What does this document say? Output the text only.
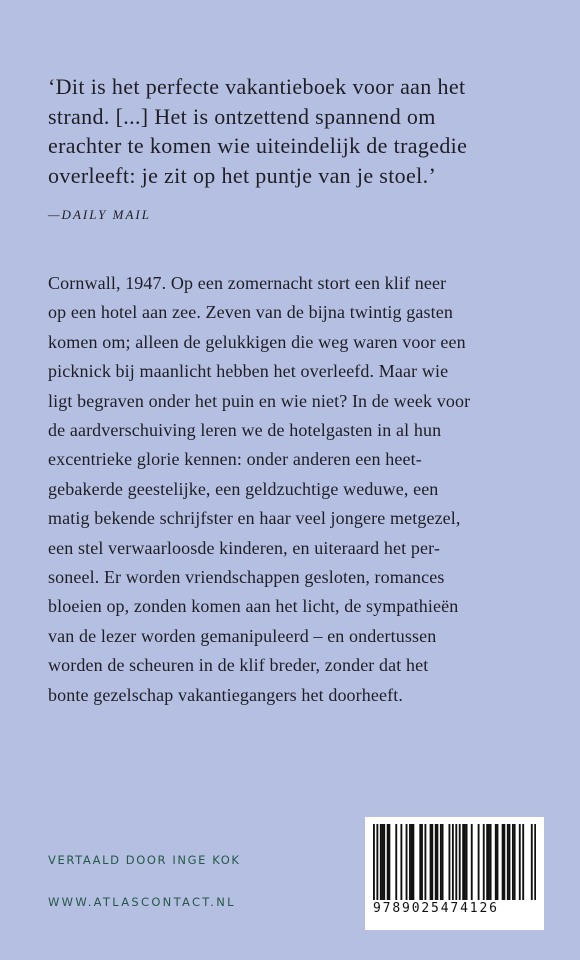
‘Dit is het perfecte vakantieboek voor aan het
strand. [...] Het is ontzettend spannend om
erachter te komen wie uiteindelijk de tragedie
overleeft: je zit op het puntje van je stoel.’
—DAILY MAIL
Cornwall, 1947. Op een zomernacht stort een klif neer
op een hotel aan zee. Zeven van de bijna twintig gasten
komen om; alleen de gelukkigen die weg waren voor een
picknick bij maanlicht hebben het overleefd. Maar wie
ligt begraven onder het puin en wie niet? In de week voor
de aardverschuiving leren we de hotelgasten in al hun
excentrieke glorie kennen: onder anderen een heet-
gebakerde geestelijke, een geldzuchtige weduwe, een
matig bekende schrijfster en haar veel jongere metgezel,
een stel verwaarloosde kinderen, en uiteraard het per-
soneel. Er worden vriendschappen gesloten, romances
bloeien op, zonden komen aan het licht, de sympathieën
van de lezer worden gemanipuleerd – en ondertussen
worden de scheuren in de klif breder, zonder dat het
bonte gezelschap vakantiegangers het doorheeft.
VERTAALD DOOR INGE KOK
WWW.ATLASCONTACT.NL	9789025474126
